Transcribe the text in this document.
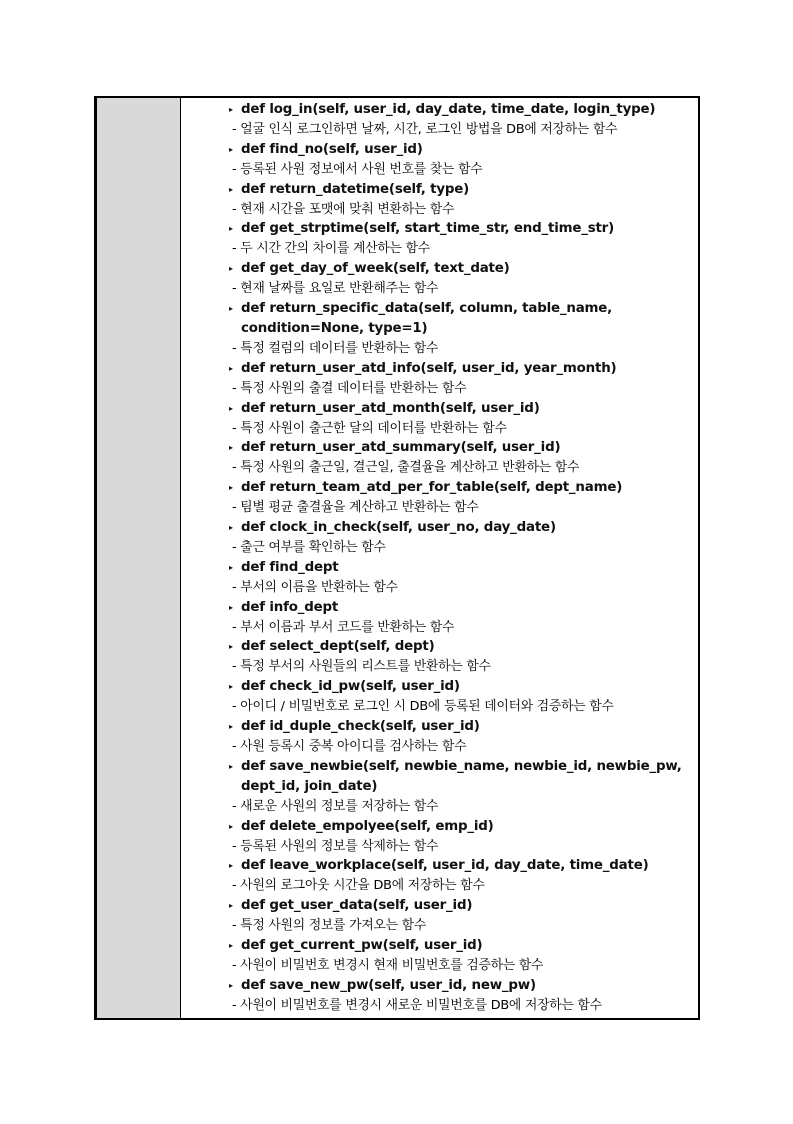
▸ def log_in(self, user_id, day_date, time_date, login_type)
- 얼굴 인식 로그인하면 날짜, 시간, 로그인 방법을 DB에 저장하는 함수
▸ def find_no(self, user_id)
- 등록된 사원 정보에서 사원 번호를 찾는 함수
▸ def return_datetime(self, type)
- 현재 시간을 포맷에 맞춰 변환하는 함수
▸ def get_strptime(self, start_time_str, end_time_str)
- 두 시간 간의 차이를 계산하는 함수
▸ def get_day_of_week(self, text_date)
- 현재 날짜를 요일로 반환해주는 함수
▸ def return_specific_data(self, column, table_name, condition=None, type=1)
- 특정 컬럼의 데이터를 반환하는 함수
▸ def return_user_atd_info(self, user_id, year_month)
- 특정 사원의 출결 데이터를 반환하는 함수
▸ def return_user_atd_month(self, user_id)
- 특정 사원이 출근한 달의 데이터를 반환하는 함수
▸ def return_user_atd_summary(self, user_id)
- 특정 사원의 출근일, 결근일, 출결율을 계산하고 반환하는 함수
▸ def return_team_atd_per_for_table(self, dept_name)
- 팀별 평균 출결율을 계산하고 반환하는 함수
▸ def clock_in_check(self, user_no, day_date)
- 출근 여부를 확인하는 함수
▸ def find_dept
- 부서의 이름을 반환하는 함수
▸ def info_dept
- 부서 이름과 부서 코드를 반환하는 함수
▸ def select_dept(self, dept)
- 특정 부서의 사원들의 리스트를 반환하는 함수
▸ def check_id_pw(self, user_id)
- 아이디 / 비밀번호로 로그인 시 DB에 등록된 데이터와 검증하는 함수
▸ def id_duple_check(self, user_id)
- 사원 등록시 중복 아이디를 검사하는 함수
▸ def save_newbie(self, newbie_name, newbie_id, newbie_pw, dept_id, join_date)
- 새로운 사원의 정보를 저장하는 함수
▸ def delete_empolyee(self, emp_id)
- 등록된 사원의 정보를 삭제하는 함수
▸ def leave_workplace(self, user_id, day_date, time_date)
- 사원의 로그아웃 시간을 DB에 저장하는 함수
▸ def get_user_data(self, user_id)
- 특정 사원의 정보를 가져오는 함수
▸ def get_current_pw(self, user_id)
- 사원이 비밀번호 변경시 현재 비밀번호를 검증하는 함수
▸ def save_new_pw(self, user_id, new_pw)
- 사원이 비밀번호를 변경시 새로운 비밀번호를 DB에 저장하는 함수
